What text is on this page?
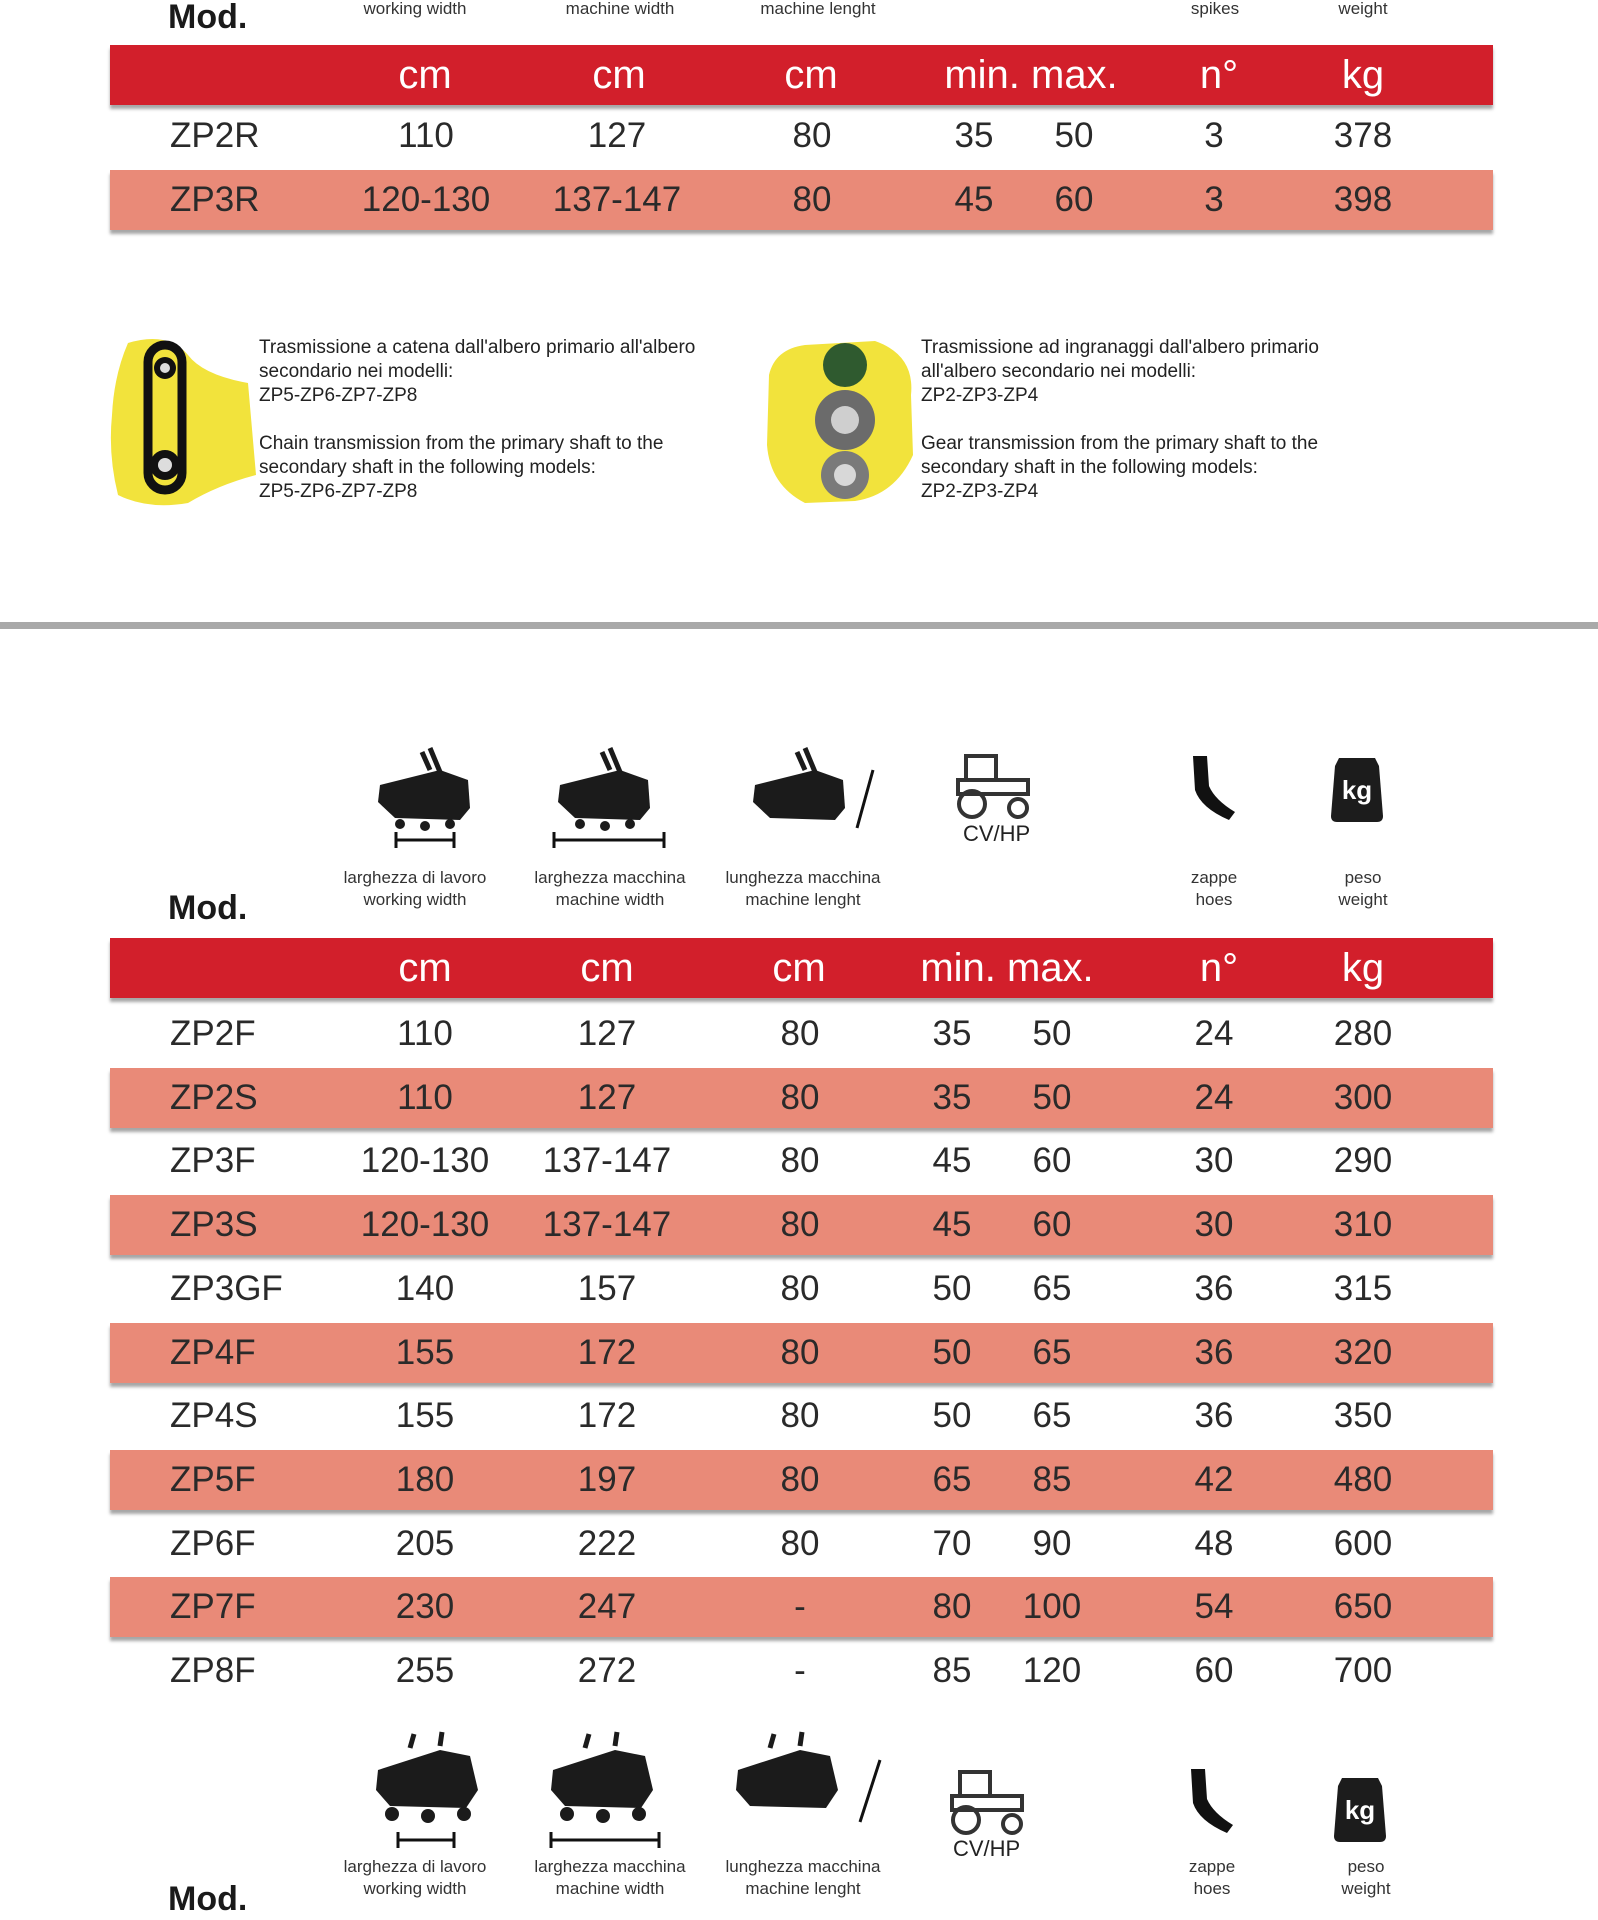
working width	machine width	machine lenght	spikes	weight
Mod.
cm	cm	cm	min. max.	n°	kg
ZP2R	110	127	80	35	50	3	378
ZP3R	120-130	137-147	80	45	60	3	398
Trasmissione a catena dall'albero primario all'albero
secondario nei modelli:
ZP5-ZP6-ZP7-ZP8
Chain transmission from the primary shaft to the
secondary shaft in the following models:
ZP5-ZP6-ZP7-ZP8
Trasmissione ad ingranaggi dall'albero primario
all'albero secondario nei modelli:
ZP2-ZP3-ZP4
Gear transmission from the primary shaft to the
secondary shaft in the following models:
ZP2-ZP3-ZP4
CV/HP
kg
larghezza di lavoro
working width
larghezza macchina
machine width
lunghezza macchina
machine lenght
zappe
hoes
peso
weight
Mod.
cm	cm	cm	min. max.	n°	kg
ZP2F	110	127	80	35	50	24	280
ZP2S	110	127	80	35	50	24	300
ZP3F	120-130	137-147	80	45	60	30	290
ZP3S	120-130	137-147	80	45	60	30	310
ZP3GF	140	157	80	50	65	36	315
ZP4F	155	172	80	50	65	36	320
ZP4S	155	172	80	50	65	36	350
ZP5F	180	197	80	65	85	42	480
ZP6F	205	222	80	70	90	48	600
ZP7F	230	247	-	80	100	54	650
ZP8F	255	272	-	85	120	60	700
CV/HP
kg
larghezza di lavoro
working width
larghezza macchina
machine width
lunghezza macchina
machine lenght
zappe
hoes
peso
weight
Mod.
